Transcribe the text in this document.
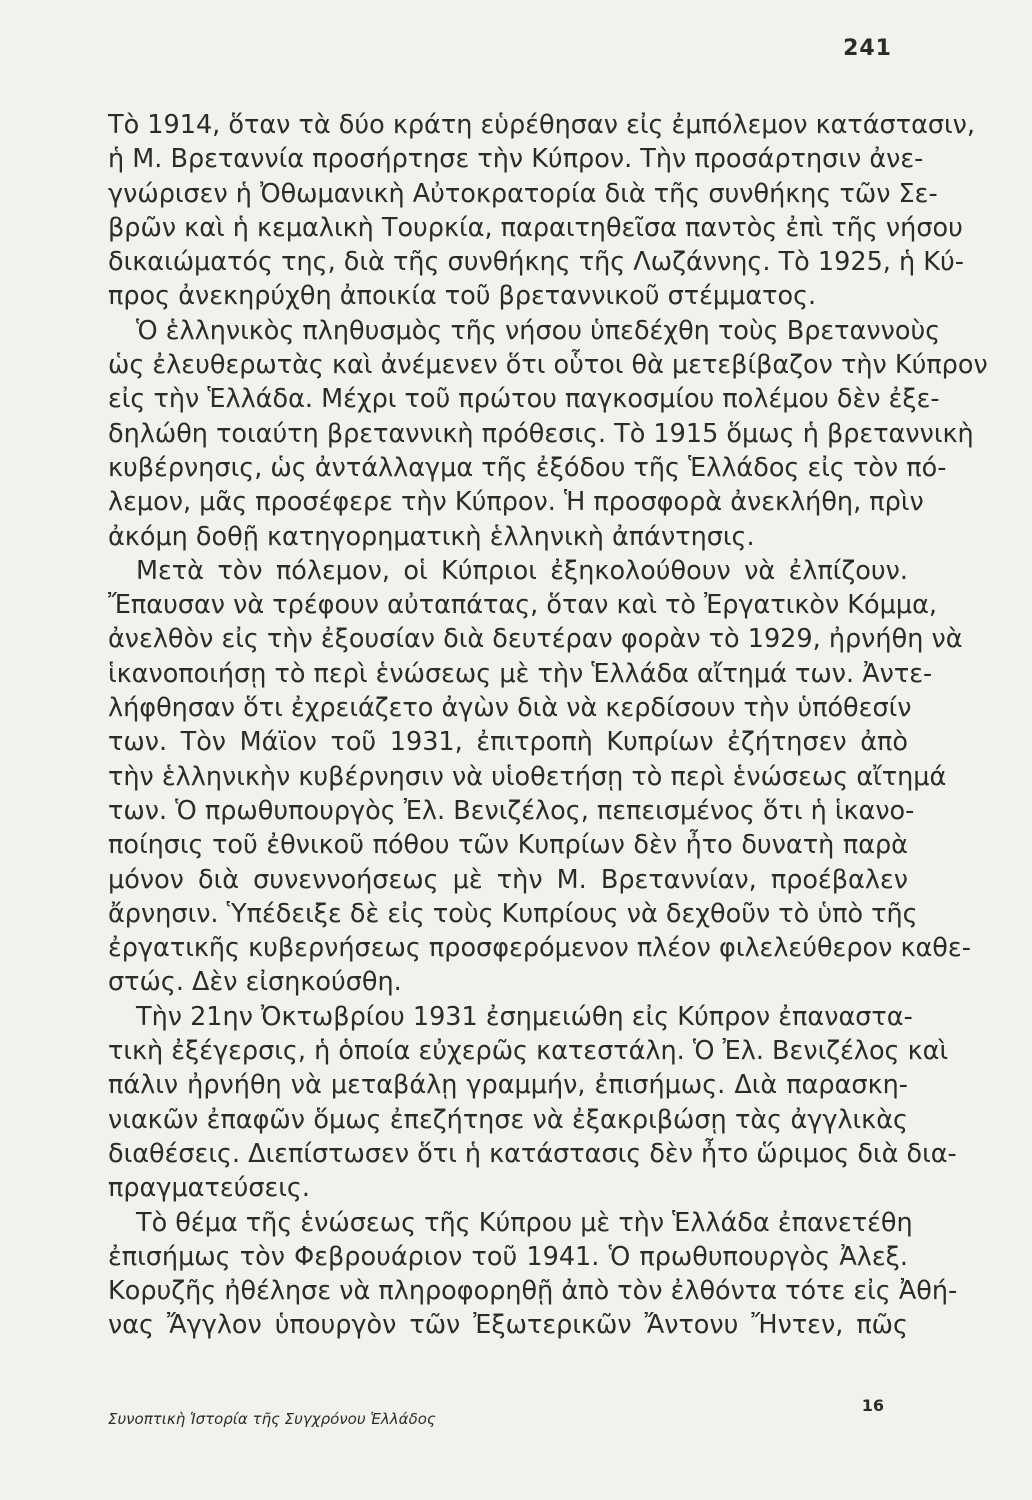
241
Τὸ 1914, ὅταν τὰ δύο κράτη εὑρέθησαν εἰς ἐμπόλεμον κατάστασιν,
ἡ Μ. Βρεταννία προσήρτησε τὴν Κύπρον. Τὴν προσάρτησιν ἀνε-
γνώρισεν ἡ Ὀθωμανικὴ Αὐτοκρατορία διὰ τῆς συνθήκης τῶν Σε-
βρῶν καὶ ἡ κεμαλικὴ Τουρκία, παραιτηθεῖσα παντὸς ἐπὶ τῆς νήσου
δικαιώματός της, διὰ τῆς συνθήκης τῆς Λωζάννης. Τὸ 1925, ἡ Κύ-
προς ἀνεκηρύχθη ἀποικία τοῦ βρεταννικοῦ στέμματος.
Ὁ ἑλληνικὸς πληθυσμὸς τῆς νήσου ὑπεδέχθη τοὺς Βρεταννοὺς
ὡς ἐλευθερωτὰς καὶ ἀνέμενεν ὅτι οὗτοι θὰ μετεβίβαζον τὴν Κύπρον
εἰς τὴν Ἑλλάδα. Μέχρι τοῦ πρώτου παγκοσμίου πολέμου δὲν ἐξε-
δηλώθη τοιαύτη βρεταννικὴ πρόθεσις. Τὸ 1915 ὅμως ἡ βρεταννικὴ
κυβέρνησις, ὡς ἀντάλλαγμα τῆς ἐξόδου τῆς Ἑλλάδος εἰς τὸν πό-
λεμον, μᾶς προσέφερε τὴν Κύπρον. Ἡ προσφορὰ ἀνεκλήθη, πρὶν
ἀκόμη δοθῇ κατηγορηματικὴ ἑλληνικὴ ἀπάντησις.
Μετὰ τὸν πόλεμον, οἱ Κύπριοι ἐξηκολούθουν νὰ ἐλπίζουν.
Ἔπαυσαν νὰ τρέφουν αὐταπάτας, ὅταν καὶ τὸ Ἐργατικὸν Κόμμα,
ἀνελθὸν εἰς τὴν ἐξουσίαν διὰ δευτέραν φορὰν τὸ 1929, ἠρνήθη νὰ
ἱκανοποιήσῃ τὸ περὶ ἑνώσεως μὲ τὴν Ἑλλάδα αἴτημά των. Ἀντε-
λήφθησαν ὅτι ἐχρειάζετο ἀγὼν διὰ νὰ κερδίσουν τὴν ὑπόθεσίν
των. Τὸν Μάϊον τοῦ 1931, ἐπιτροπὴ Κυπρίων ἐζήτησεν ἀπὸ
τὴν ἑλληνικὴν κυβέρνησιν νὰ υἱοθετήσῃ τὸ περὶ ἑνώσεως αἴτημά
των. Ὁ πρωθυπουργὸς Ἐλ. Βενιζέλος, πεπεισμένος ὅτι ἡ ἱκανο-
ποίησις τοῦ ἐθνικοῦ πόθου τῶν Κυπρίων δὲν ἦτο δυνατὴ παρὰ
μόνον διὰ συνεννοήσεως μὲ τὴν Μ. Βρεταννίαν, προέβαλεν
ἄρνησιν. Ὑπέδειξε δὲ εἰς τοὺς Κυπρίους νὰ δεχθοῦν τὸ ὑπὸ τῆς
ἐργατικῆς κυβερνήσεως προσφερόμενον πλέον φιλελεύθερον καθε-
στώς. Δὲν εἰσηκούσθη.
Τὴν 21ην Ὀκτωβρίου 1931 ἐσημειώθη εἰς Κύπρον ἐπαναστα-
τικὴ ἐξέγερσις, ἡ ὁποία εὐχερῶς κατεστάλη. Ὁ Ἐλ. Βενιζέλος καὶ
πάλιν ἠρνήθη νὰ μεταβάλῃ γραμμήν, ἐπισήμως. Διὰ παρασκη-
νιακῶν ἐπαφῶν ὅμως ἐπεζήτησε νὰ ἐξακριβώσῃ τὰς ἀγγλικὰς
διαθέσεις. Διεπίστωσεν ὅτι ἡ κατάστασις δὲν ἦτο ὥριμος διὰ δια-
πραγματεύσεις.
Τὸ θέμα τῆς ἑνώσεως τῆς Κύπρου μὲ τὴν Ἑλλάδα ἐπανετέθη
ἐπισήμως τὸν Φεβρουάριον τοῦ 1941. Ὁ πρωθυπουργὸς Ἀλεξ.
Κορυζῆς ἠθέλησε νὰ πληροφορηθῇ ἀπὸ τὸν ἐλθόντα τότε εἰς Ἀθή-
νας Ἄγγλον ὑπουργὸν τῶν Ἐξωτερικῶν Ἄντονυ Ἤντεν, πῶς
Συνοπτικὴ Ἱστορία τῆς Συγχρόνου Ἑλλάδος
16
